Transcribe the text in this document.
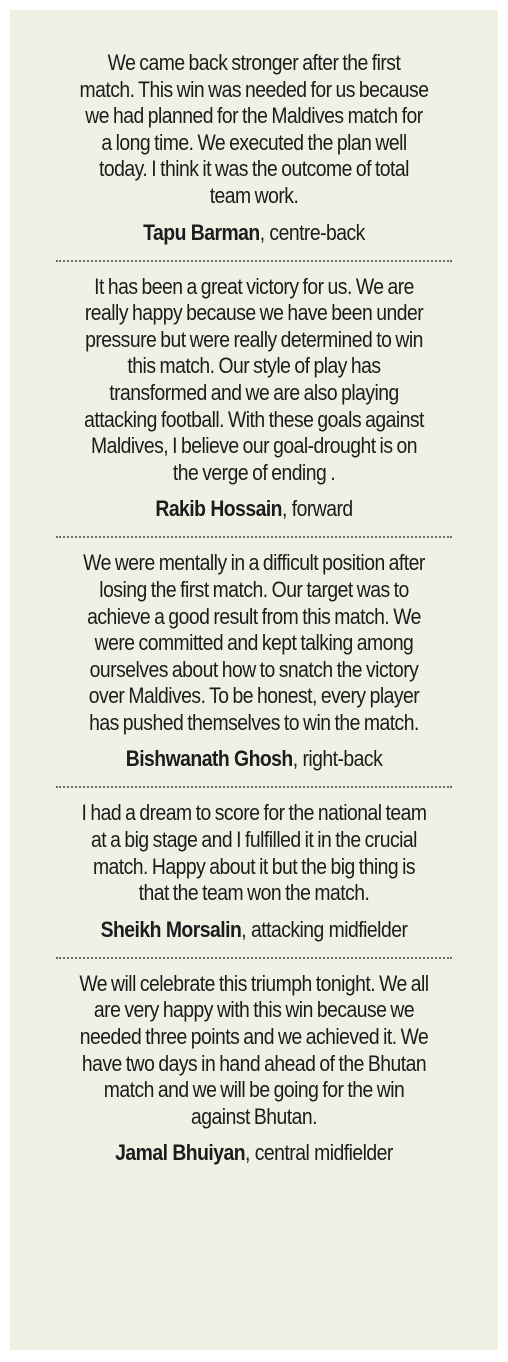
We came back stronger after the first match. This win was needed for us because we had planned for the Maldives match for a long time. We executed the plan well today. I think it was the outcome of total team work.

Tapu Barman, centre-back

It has been a great victory for us. We are really happy because we have been under pressure but were really determined to win this match. Our style of play has transformed and we are also playing attacking football. With these goals against Maldives, I believe our goal-drought is on the verge of ending .

Rakib Hossain, forward

We were mentally in a difficult position after losing the first match. Our target was to achieve a good result from this match. We were committed and kept talking among ourselves about how to snatch the victory over Maldives. To be honest, every player has pushed themselves to win the match.

Bishwanath Ghosh, right-back

I had a dream to score for the national team at a big stage and I fulfilled it in the crucial match. Happy about it but the big thing is that the team won the match.

Sheikh Morsalin, attacking midfielder

We will celebrate this triumph tonight. We all are very happy with this win because we needed three points and we achieved it. We have two days in hand ahead of the Bhutan match and we will be going for the win against Bhutan.

Jamal Bhuiyan, central midfielder
